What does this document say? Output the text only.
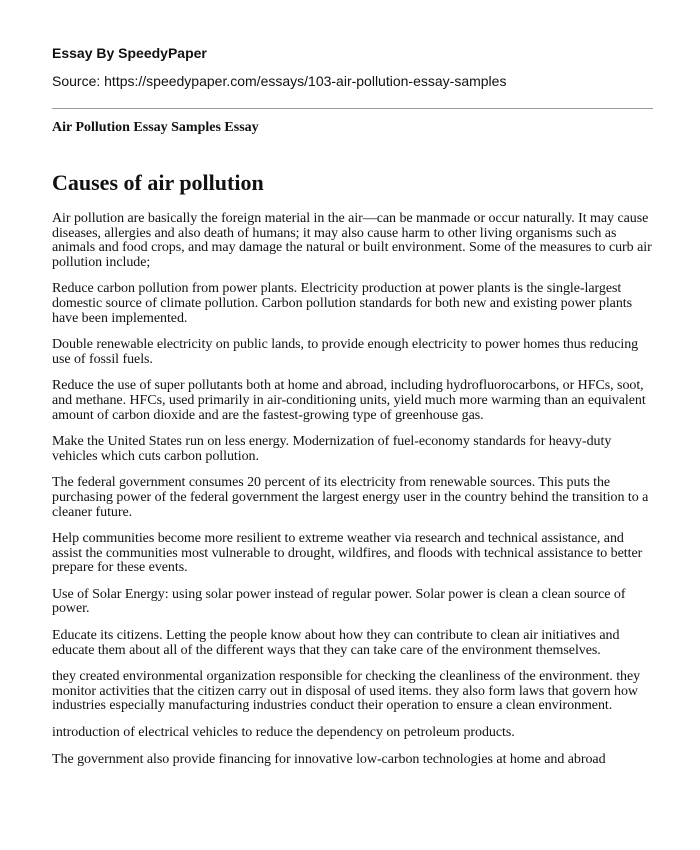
Essay By SpeedyPaper

Source: https://speedypaper.com/essays/103-air-pollution-essay-samples

Air Pollution Essay Samples Essay

Causes of air pollution

Air pollution are basically the foreign material in the air—can be manmade or occur naturally. It may cause diseases, allergies and also death of humans; it may also cause harm to other living organisms such as animals and food crops, and may damage the natural or built environment. Some of the measures to curb air pollution include;

Reduce carbon pollution from power plants. Electricity production at power plants is the single-largest domestic source of climate pollution. Carbon pollution standards for both new and existing power plants have been implemented.

Double renewable electricity on public lands, to provide enough electricity to power homes thus reducing use of fossil fuels.

Reduce the use of super pollutants both at home and abroad, including hydrofluorocarbons, or HFCs, soot, and methane. HFCs, used primarily in air-conditioning units, yield much more warming than an equivalent amount of carbon dioxide and are the fastest-growing type of greenhouse gas.

Make the United States run on less energy. Modernization of fuel-economy standards for heavy-duty vehicles which cuts carbon pollution.

The federal government consumes 20 percent of its electricity from renewable sources. This puts the purchasing power of the federal government the largest energy user in the country behind the transition to a cleaner future.

Help communities become more resilient to extreme weather via research and technical assistance, and assist the communities most vulnerable to drought, wildfires, and floods with technical assistance to better prepare for these events.

Use of Solar Energy: using solar power instead of regular power. Solar power is clean a clean source of power.

Educate its citizens. Letting the people know about how they can contribute to clean air initiatives and educate them about all of the different ways that they can take care of the environment themselves.

they created environmental organization responsible for checking the cleanliness of the environment. they monitor activities that the citizen carry out in disposal of used items. they also form laws that govern how industries especially manufacturing industries conduct their operation to ensure a clean environment.

introduction of electrical vehicles to reduce the dependency on petroleum products.

The government also provide financing for innovative low-carbon technologies at home and abroad
